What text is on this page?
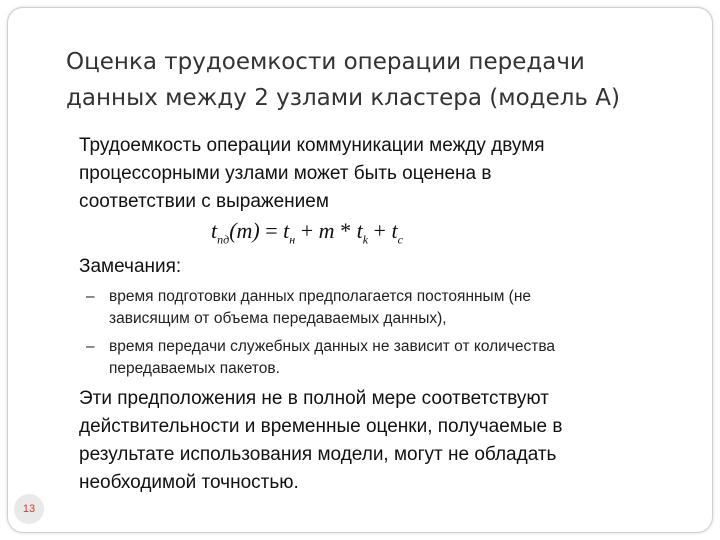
Оценка трудоемкости операции передачи
данных между 2 узлами кластера (модель А)

Трудоемкость операции коммуникации между двумя
процессорными узлами может быть оценена в
соответствии с выражением

$t_{пд}(m) = t_н + m * t_k + t_c$
Замечания:
– время подготовки данных предполагается постоянным (не
зависящим от объема передаваемых данных),
– время передачи служебных данных не зависит от количества
передаваемых пакетов.

Эти предположения не в полной мере соответствуют
действительности и временные оценки, получаемые в
результате использования модели, могут не обладать
необходимой точностью.

13
